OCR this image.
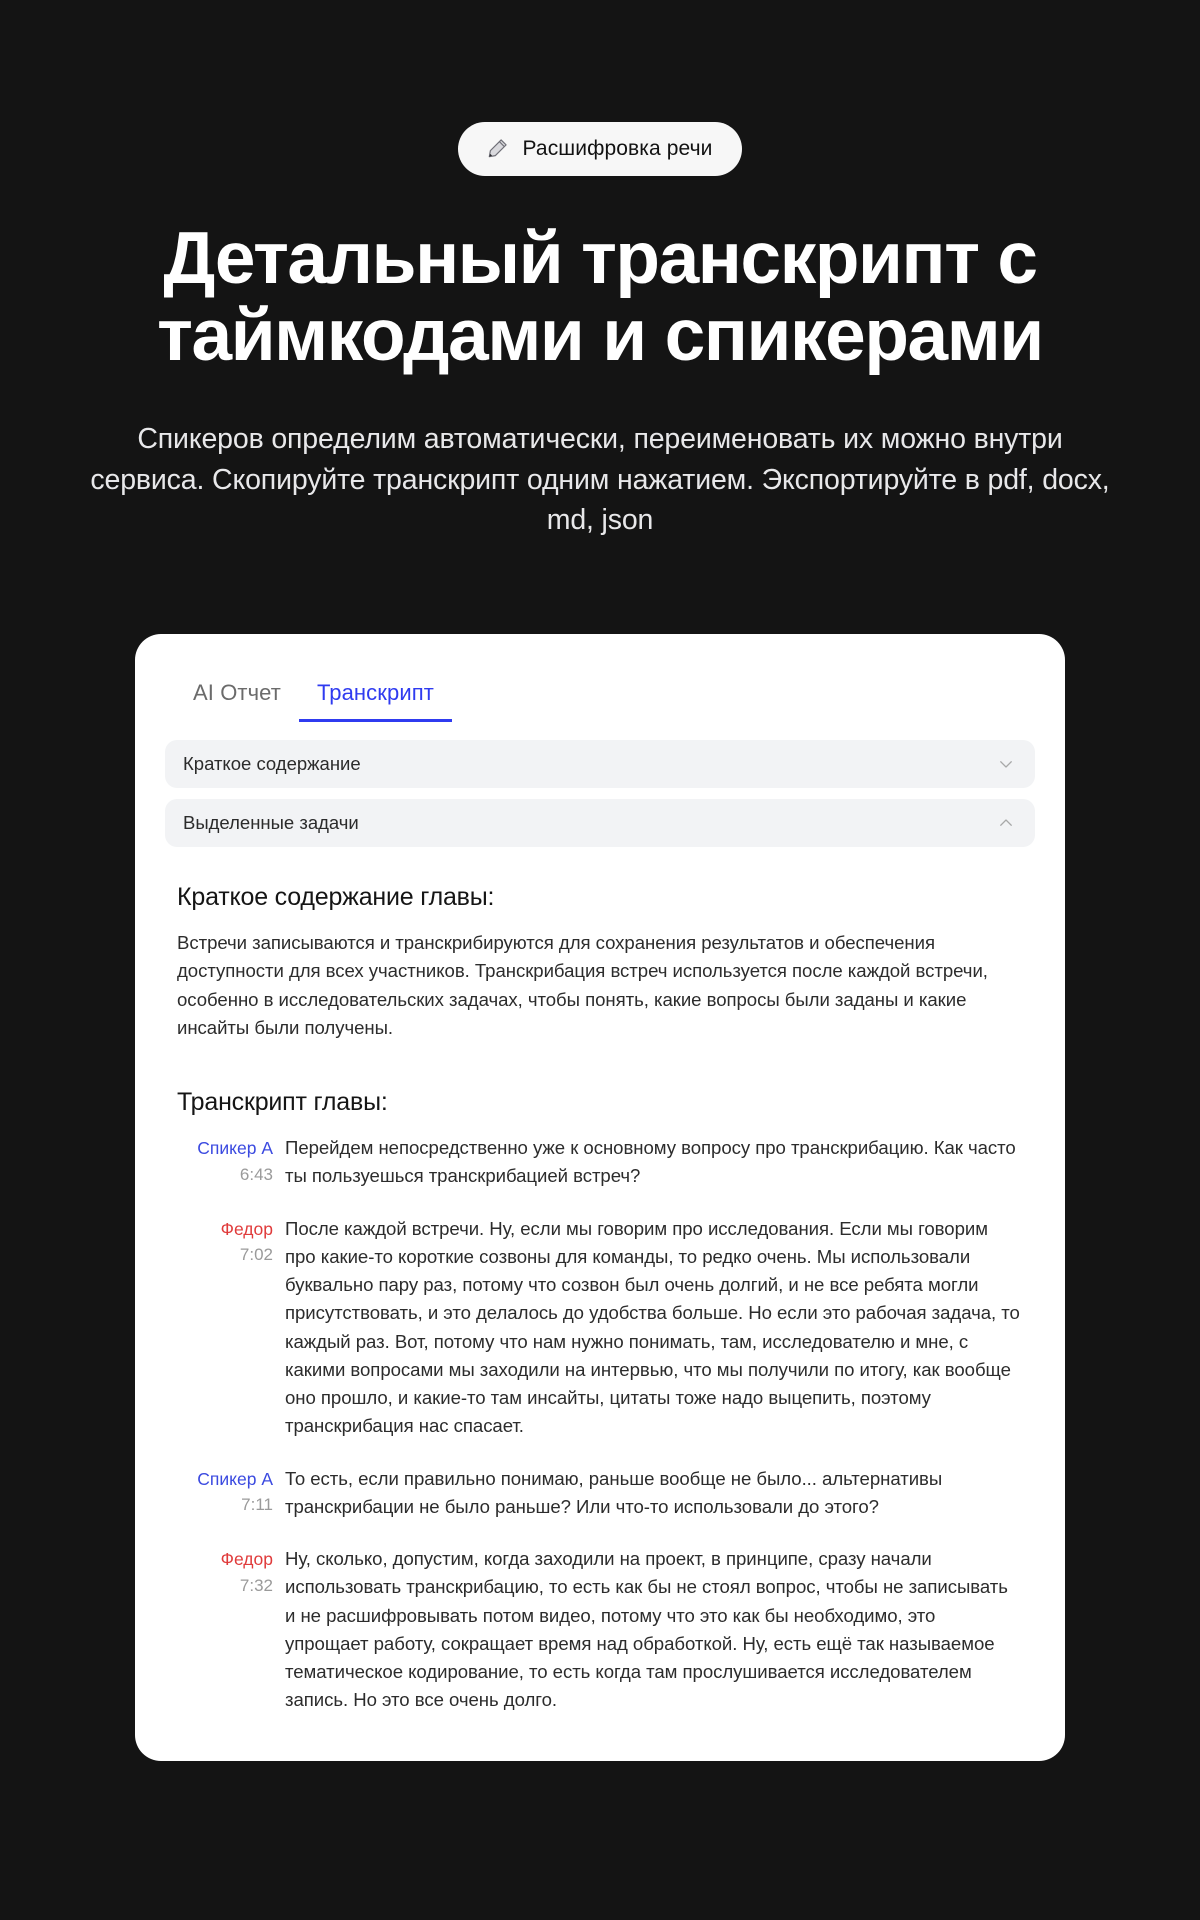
Расшифровка речи
Детальный транскрипт с таймкодами и спикерами

Спикеров определим автоматически, переименовать их можно внутри сервиса. Скопируйте транскрипт одним нажатием. Экспортируйте в pdf, docx, md, json

AI Отчет	Транскрипт
Краткое содержание
Выделенные задачи
Краткое содержание главы:

Встречи записываются и транскрибируются для сохранения результатов и обеспечения доступности для всех участников. Транскрибация встреч используется после каждой встречи, особенно в исследовательских задачах, чтобы понять, какие вопросы были заданы и какие инсайты были получены.

Транскрипт главы:
Спикер А
6:43
Перейдем непосредственно уже к основному вопросу про транскрибацию. Как часто ты пользуешься транскрибацией встреч?
Федор
7:02
После каждой встречи. Ну, если мы говорим про исследования. Если мы говорим про какие-то короткие созвоны для команды, то редко очень. Мы использовали буквально пару раз, потому что созвон был очень долгий, и не все ребята могли присутствовать, и это делалось до удобства больше. Но если это рабочая задача, то каждый раз. Вот, потому что нам нужно понимать, там, исследователю и мне, с какими вопросами мы заходили на интервью, что мы получили по итогу, как вообще оно прошло, и какие-то там инсайты, цитаты тоже надо выцепить, поэтому транскрибация нас спасает.
Спикер А
7:11
То есть, если правильно понимаю, раньше вообще не было... альтернативы транскрибации не было раньше? Или что-то использовали до этого?
Федор
7:32
Ну, сколько, допустим, когда заходили на проект, в принципе, сразу начали использовать транскрибацию, то есть как бы не стоял вопрос, чтобы не записывать и не расшифровывать потом видео, потому что это как бы необходимо, это упрощает работу, сокращает время над обработкой. Ну, есть ещё так называемое тематическое кодирование, то есть когда там прослушивается исследователем запись. Но это все очень долго.
